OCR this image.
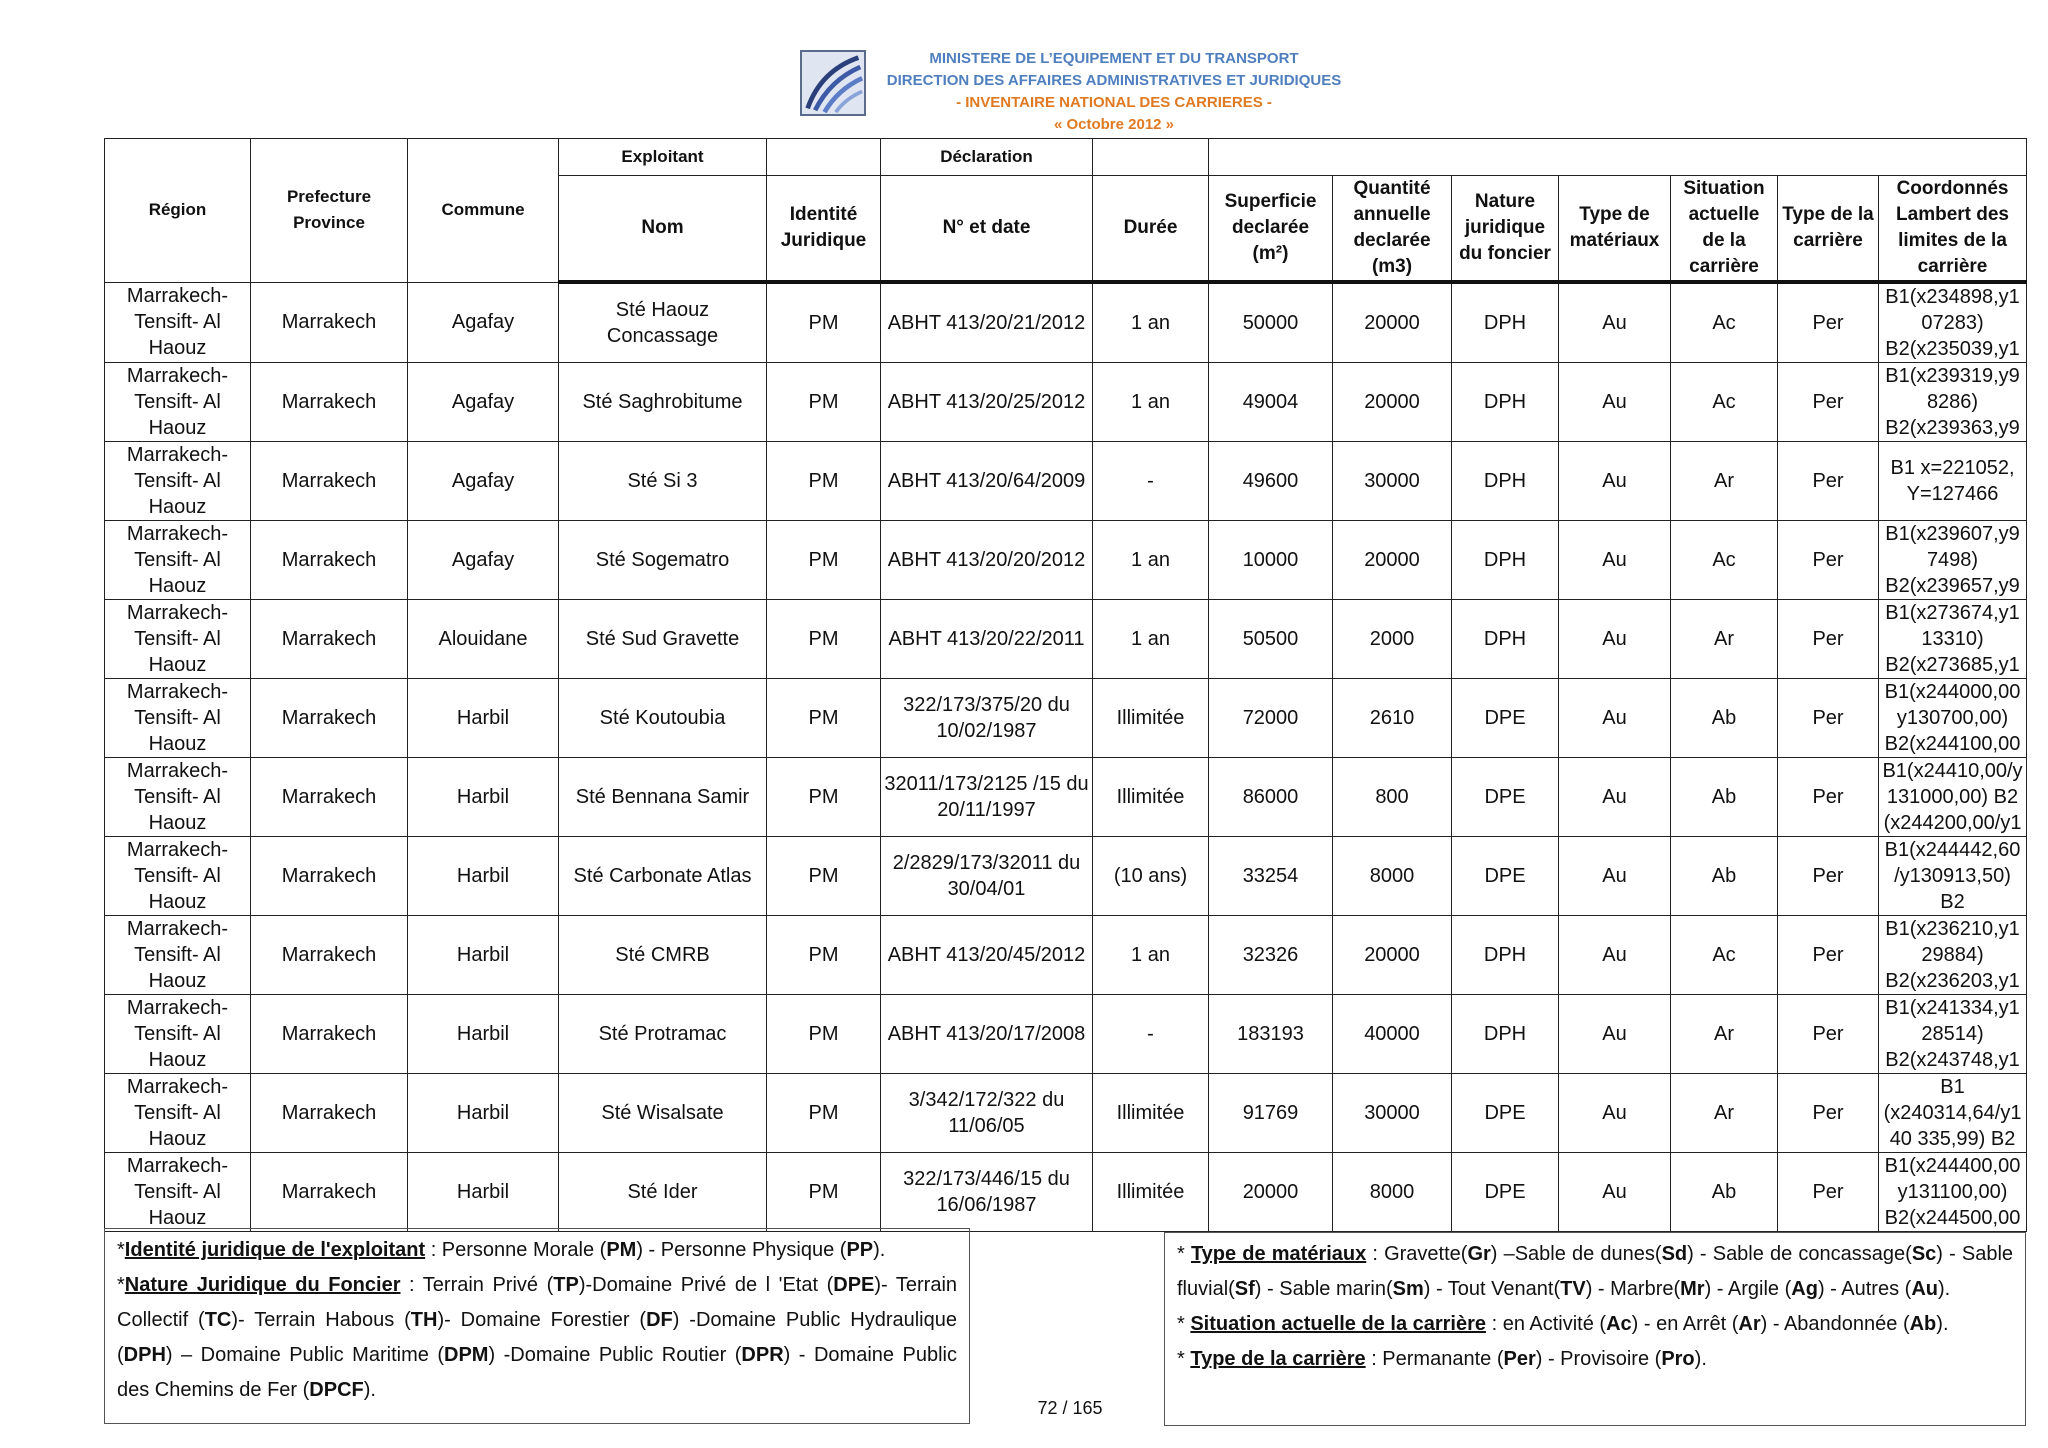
MINISTERE DE L’EQUIPEMENT ET DU TRANSPORT
DIRECTION DES AFFAIRES ADMINISTRATIVES ET JURIDIQUES
- INVENTAIRE NATIONAL DES CARRIERES -
« Octobre 2012 »
Région	Prefecture Province	Commune	Exploitant		Déclaration								
			Nom	Identité Juridique	N° et date	Durée	Superficie declarée (m²)	Quantité annuelle declarée (m3)	Nature juridique du foncier	Type de matériaux	Situation actuelle de la carrière	Type de la carrière	Coordonnés Lambert des limites de la carrière
Marrakech- Tensift- Al Haouz	Marrakech	Agafay	Sté Haouz Concassage	PM	ABHT 413/20/21/2012	1 an	50000	20000	DPH	Au	Ac	Per	B1(x234898,y1 07283) B2(x235039,y1
Marrakech- Tensift- Al Haouz	Marrakech	Agafay	Sté Saghrobitume	PM	ABHT 413/20/25/2012	1 an	49004	20000	DPH	Au	Ac	Per	B1(x239319,y9 8286) B2(x239363,y9
Marrakech- Tensift- Al Haouz	Marrakech	Agafay	Sté Si 3	PM	ABHT 413/20/64/2009	-	49600	30000	DPH	Au	Ar	Per	B1 x=221052, Y=127466
Marrakech- Tensift- Al Haouz	Marrakech	Agafay	Sté Sogematro	PM	ABHT 413/20/20/2012	1 an	10000	20000	DPH	Au	Ac	Per	B1(x239607,y9 7498) B2(x239657,y9
Marrakech- Tensift- Al Haouz	Marrakech	Alouidane	Sté Sud Gravette	PM	ABHT 413/20/22/2011	1 an	50500	2000	DPH	Au	Ar	Per	B1(x273674,y1 13310) B2(x273685,y1
Marrakech- Tensift- Al Haouz	Marrakech	Harbil	Sté Koutoubia	PM	322/173/375/20 du 10/02/1987	Illimitée	72000	2610	DPE	Au	Ab	Per	B1(x244000,00 y130700,00) B2(x244100,00
Marrakech- Tensift- Al Haouz	Marrakech	Harbil	Sté Bennana Samir	PM	32011/173/2125 /15 du 20/11/1997	Illimitée	86000	800	DPE	Au	Ab	Per	B1(x24410,00/y 131000,00) B2 (x244200,00/y1
Marrakech- Tensift- Al Haouz	Marrakech	Harbil	Sté Carbonate Atlas	PM	2/2829/173/32011 du 30/04/01	(10 ans)	33254	8000	DPE	Au	Ab	Per	B1(x244442,60 /y130913,50) B2
Marrakech- Tensift- Al Haouz	Marrakech	Harbil	Sté CMRB	PM	ABHT 413/20/45/2012	1 an	32326	20000	DPH	Au	Ac	Per	B1(x236210,y1 29884) B2(x236203,y1
Marrakech- Tensift- Al Haouz	Marrakech	Harbil	Sté Protramac	PM	ABHT 413/20/17/2008	-	183193	40000	DPH	Au	Ar	Per	B1(x241334,y1 28514) B2(x243748,y1
Marrakech- Tensift- Al Haouz	Marrakech	Harbil	Sté Wisalsate	PM	3/342/172/322 du 11/06/05	Illimitée	91769	30000	DPE	Au	Ar	Per	B1 (x240314,64/y1 40 335,99) B2
Marrakech- Tensift- Al Haouz	Marrakech	Harbil	Sté Ider	PM	322/173/446/15 du 16/06/1987	Illimitée	20000	8000	DPE	Au	Ab	Per	B1(x244400,00 y131100,00) B2(x244500,00
*Identité juridique de l'exploitant : Personne Morale (PM) - Personne Physique (PP).
*Nature Juridique du Foncier : Terrain Privé (TP)-Domaine Privé de l 'Etat (DPE)- Terrain Collectif (TC)- Terrain Habous (TH)- Domaine Forestier (DF) -Domaine Public Hydraulique (DPH) – Domaine Public Maritime (DPM) -Domaine Public Routier (DPR) - Domaine Public des Chemins de Fer (DPCF).
* Type de matériaux : Gravette(Gr) –Sable de dunes(Sd) - Sable de concassage(Sc) - Sable fluvial(Sf) - Sable marin(Sm) - Tout Venant(TV) - Marbre(Mr) - Argile (Ag) - Autres (Au).
* Situation actuelle de la carrière : en Activité (Ac) - en Arrêt (Ar) - Abandonnée (Ab).
* Type de la carrière : Permanante (Per) - Provisoire (Pro).
72 / 165
